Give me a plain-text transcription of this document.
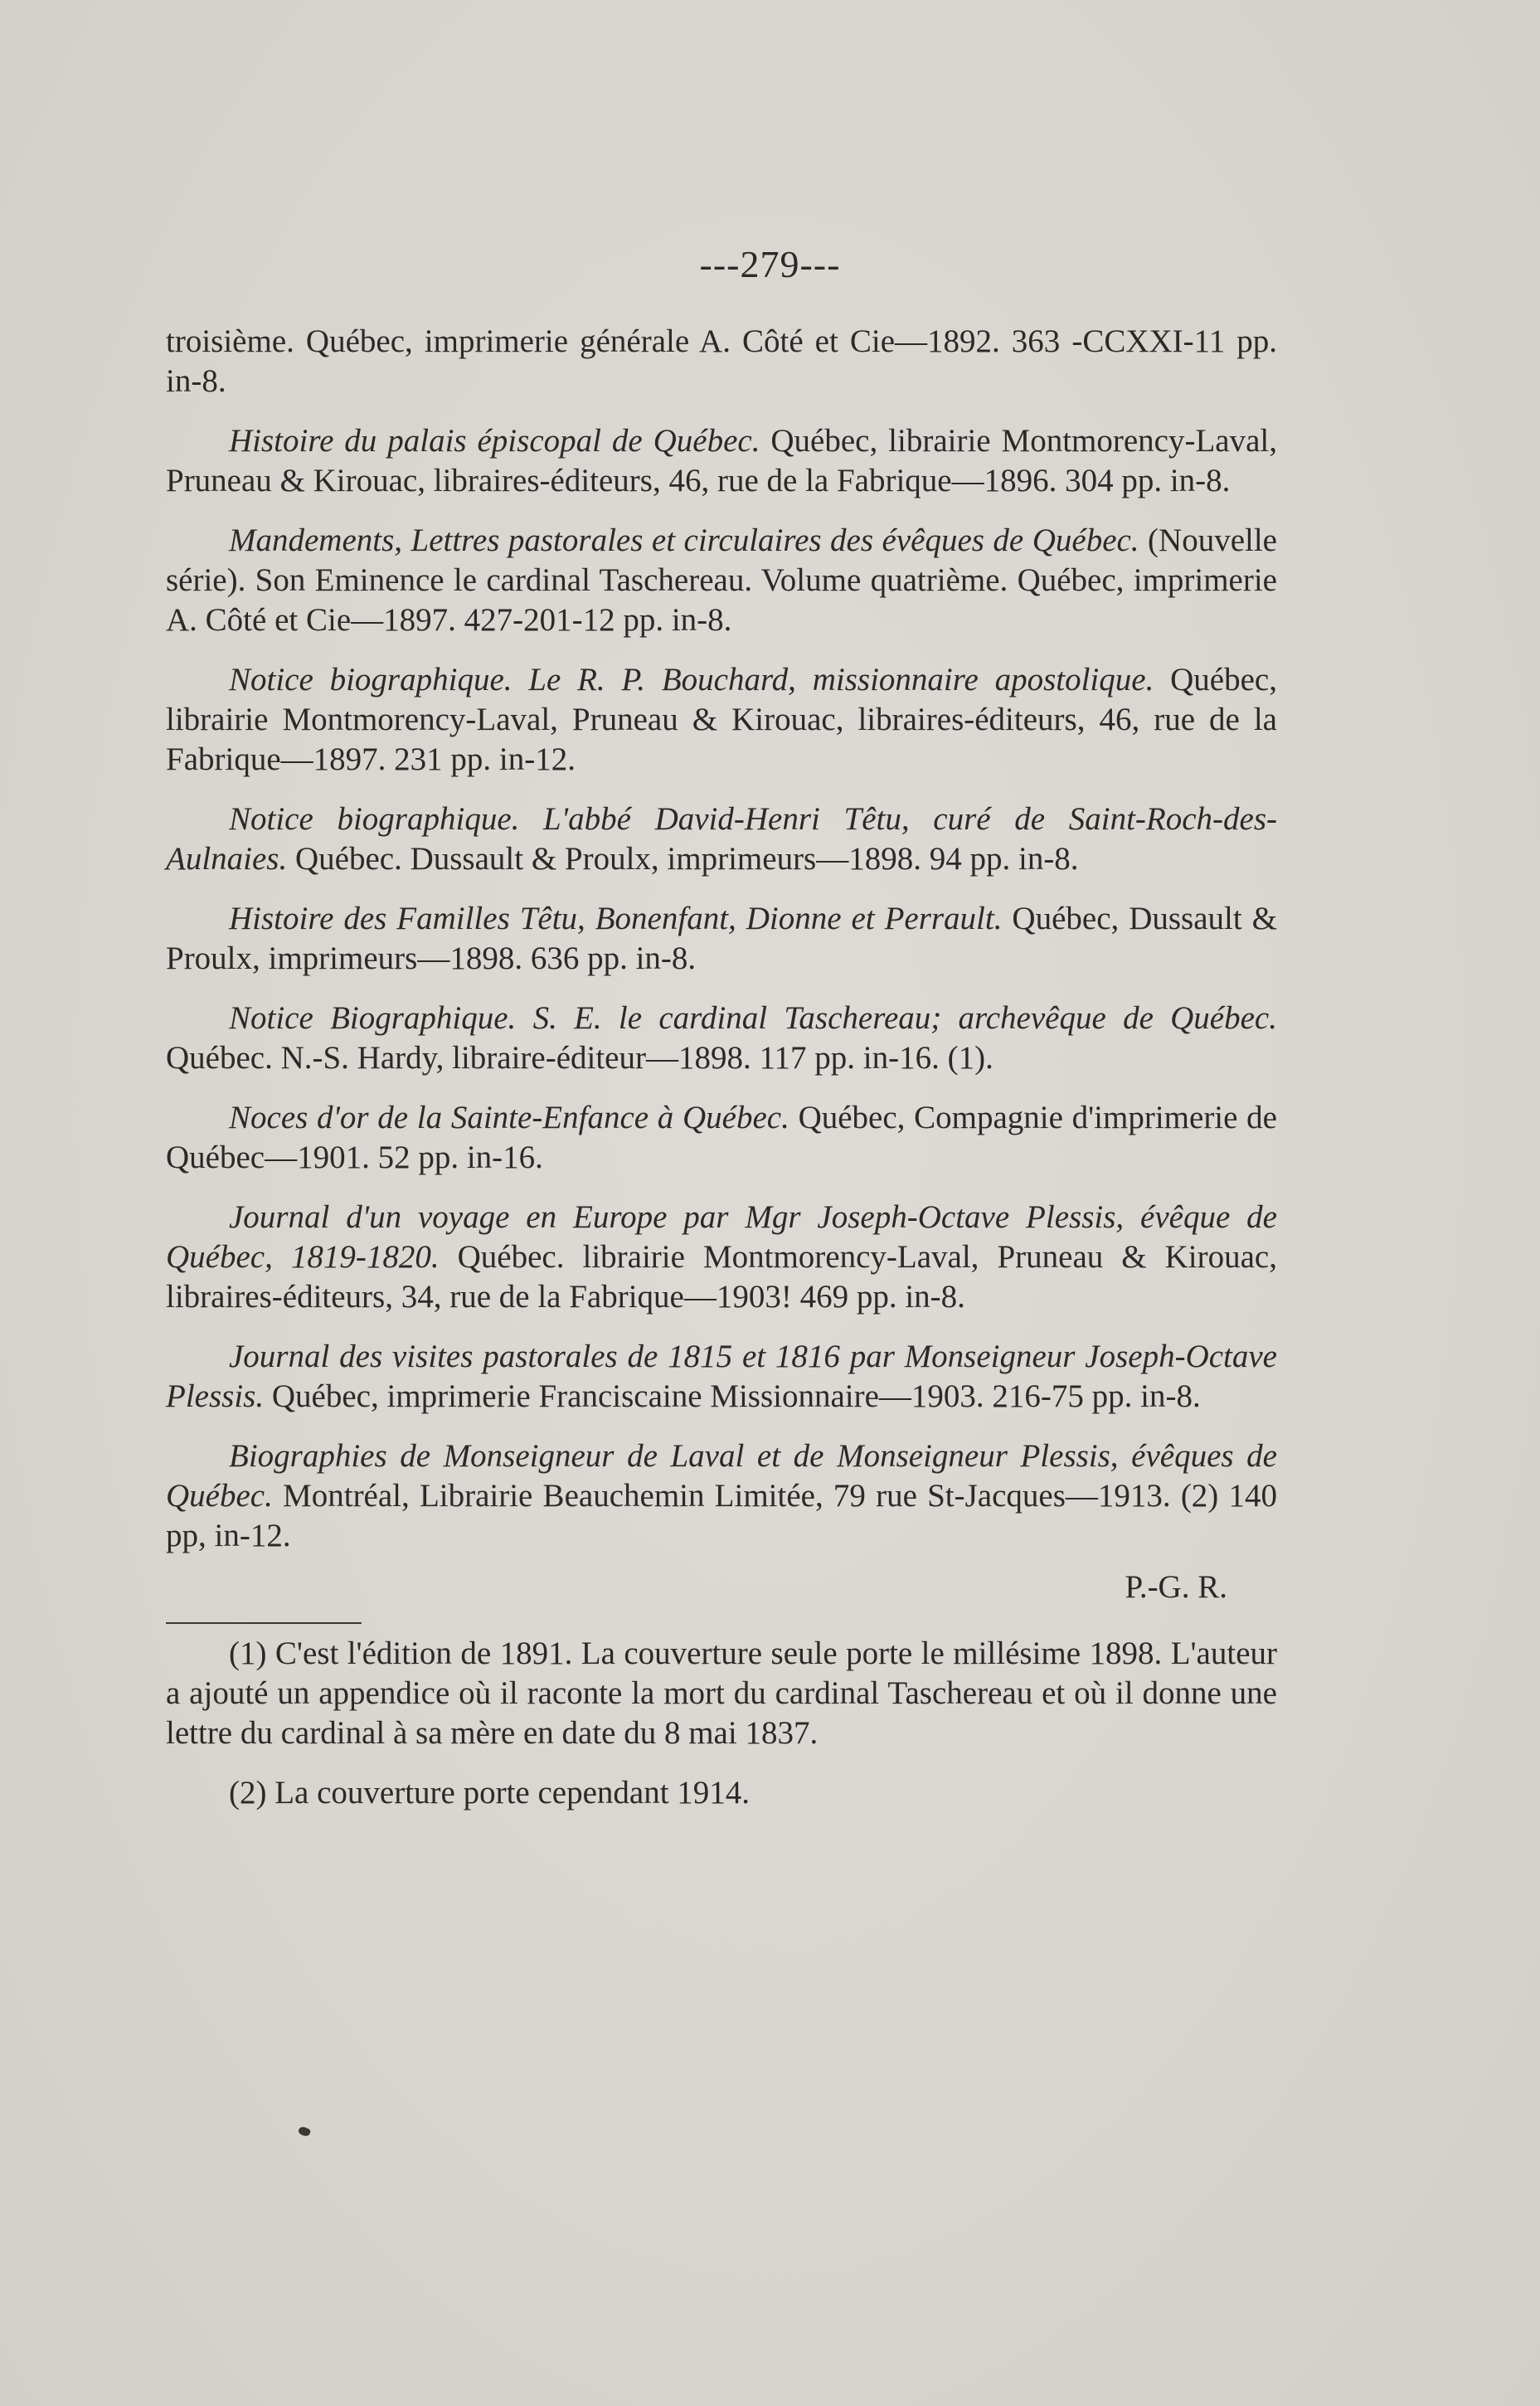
---279---

troisième. Québec, imprimerie générale A. Côté et Cie—1892. 363 -CCXXI-11 pp. in-8.

Histoire du palais épiscopal de Québec. Québec, librairie Montmorency-Laval, Pruneau & Kirouac, libraires-éditeurs, 46, rue de la Fabrique—1896. 304 pp. in-8.

Mandements, Lettres pastorales et circulaires des évêques de Québec. (Nouvelle série). Son Eminence le cardinal Taschereau. Volume quatrième. Québec, imprimerie A. Côté et Cie—1897. 427-201-12 pp. in-8.

Notice biographique. Le R. P. Bouchard, missionnaire apostolique. Québec, librairie Montmorency-Laval, Pruneau & Kirouac, libraires-éditeurs, 46, rue de la Fabrique—1897. 231 pp. in-12.

Notice biographique. L'abbé David-Henri Têtu, curé de Saint-Roch-des-Aulnaies. Québec. Dussault & Proulx, imprimeurs—1898. 94 pp. in-8.

Histoire des Familles Têtu, Bonenfant, Dionne et Perrault. Québec, Dussault & Proulx, imprimeurs—1898. 636 pp. in-8.

Notice Biographique. S. E. le cardinal Taschereau; archevêque de Québec. Québec. N.-S. Hardy, libraire-éditeur—1898. 117 pp. in-16. (1).

Noces d'or de la Sainte-Enfance à Québec. Québec, Compagnie d'imprimerie de Québec—1901. 52 pp. in-16.

Journal d'un voyage en Europe par Mgr Joseph-Octave Plessis, évêque de Québec, 1819-1820. Québec. librairie Montmorency-Laval, Pruneau & Kirouac, libraires-éditeurs, 34, rue de la Fabrique—1903! 469 pp. in-8.

Journal des visites pastorales de 1815 et 1816 par Monseigneur Joseph-Octave Plessis. Québec, imprimerie Franciscaine Missionnaire—1903. 216-75 pp. in-8.

Biographies de Monseigneur de Laval et de Monseigneur Plessis, évêques de Québec. Montréal, Librairie Beauchemin Limitée, 79 rue St-Jacques—1913. (2) 140 pp, in-12.

P.-G. R.

(1) C'est l'édition de 1891. La couverture seule porte le millésime 1898. L'auteur a ajouté un appendice où il raconte la mort du cardinal Taschereau et où il donne une lettre du cardinal à sa mère en date du 8 mai 1837.

(2) La couverture porte cependant 1914.
